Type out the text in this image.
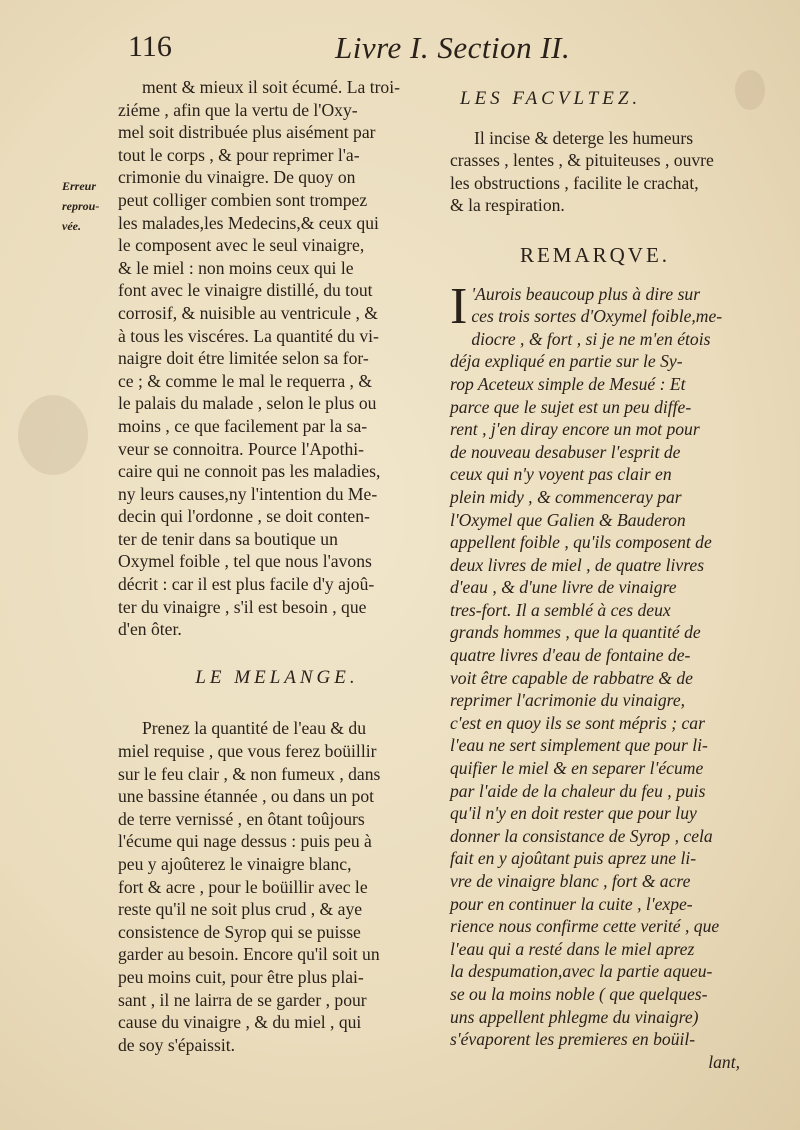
116	Livre I. Section II.
Erreur
reprou-
vée.
ment & mieux il soit écumé. La troi-
ziéme , afin que la vertu de l'Oxy-
mel soit distribuée plus aisément par
tout le corps , & pour reprimer l'a-
crimonie du vinaigre. De quoy on
peut colliger combien sont trompez
les malades,les Medecins,& ceux qui
le composent avec le seul vinaigre,
& le miel : non moins ceux qui le
font avec le vinaigre distillé, du tout
corrosif, & nuisible au ventricule , &
à tous les viscéres. La quantité du vi-
naigre doit étre limitée selon sa for-
ce ; & comme le mal le requerra , &
le palais du malade , selon le plus ou
moins , ce que facilement par la sa-
veur se connoitra. Pource l'Apothi-
caire qui ne connoit pas les maladies,
ny leurs causes,ny l'intention du Me-
decin qui l'ordonne , se doit conten-
ter de tenir dans sa boutique un
Oxymel foible , tel que nous l'avons
décrit : car il est plus facile d'y ajoû-
ter du vinaigre , s'il est besoin , que
d'en ôter.
LE MELANGE.
Prenez la quantité de l'eau & du
miel requise , que vous ferez boüillir
sur le feu clair , & non fumeux , dans
une bassine étannée , ou dans un pot
de terre vernissé , en ôtant toûjours
l'écume qui nage dessus : puis peu à
peu y ajoûterez le vinaigre blanc,
fort & acre , pour le boüillir avec le
reste qu'il ne soit plus crud , & aye
consistence de Syrop qui se puisse
garder au besoin. Encore qu'il soit un
peu moins cuit, pour être plus plai-
sant , il ne lairra de se garder , pour
cause du vinaigre , & du miel , qui
de soy s'épaissit.
LES FACVLTEZ.
Il incise & deterge les humeurs
crasses , lentes , & pituiteuses , ouvre
les obstructions , facilite le crachat,
& la respiration.
REMARQVE.
I 'Aurois beaucoup plus à dire sur
ces trois sortes d'Oxymel foible,me-
diocre , & fort , si je ne m'en étois
déja expliqué en partie sur le Sy-
rop Aceteux simple de Mesué : Et
parce que le sujet est un peu diffe-
rent , j'en diray encore un mot pour
de nouveau desabuser l'esprit de
ceux qui n'y voyent pas clair en
plein midy , & commenceray par
l'Oxymel que Galien & Bauderon
appellent foible , qu'ils composent de
deux livres de miel , de quatre livres
d'eau , & d'une livre de vinaigre
tres-fort. Il a semblé à ces deux
grands hommes , que la quantité de
quatre livres d'eau de fontaine de-
voit être capable de rabbatre & de
reprimer l'acrimonie du vinaigre,
c'est en quoy ils se sont mépris ; car
l'eau ne sert simplement que pour li-
quifier le miel & en separer l'écume
par l'aide de la chaleur du feu , puis
qu'il n'y en doit rester que pour luy
donner la consistance de Syrop , cela
fait en y ajoûtant puis aprez une li-
vre de vinaigre blanc , fort & acre
pour en continuer la cuite , l'expe-
rience nous confirme cette verité , que
l'eau qui a resté dans le miel aprez
la despumation,avec la partie aqueu-
se ou la moins noble ( que quelques-
uns appellent phlegme du vinaigre)
s'évaporent les premieres en boüil-
lant,
